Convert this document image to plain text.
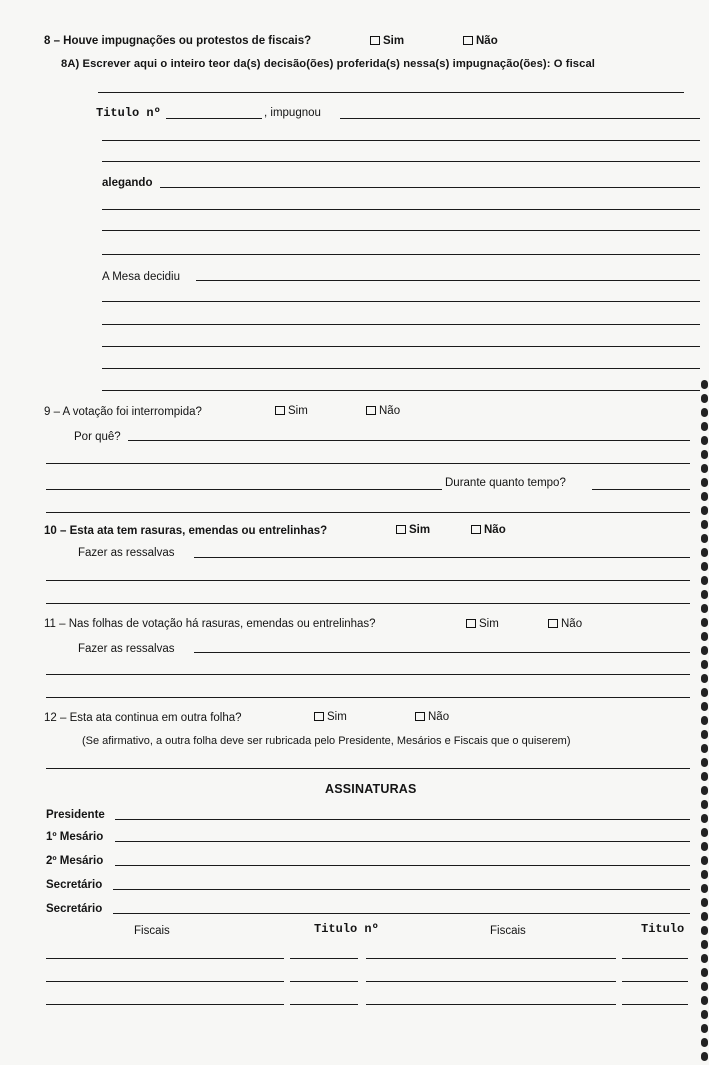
8 – Houve impugnações ou protestos de fiscais?	Sim	Não
8A) Escrever aqui o inteiro teor da(s) decisão(ões) proferida(s) nessa(s) impugnação(ões): O fiscal
Titulo nº	, impugnou
alegando
A Mesa decidiu
9 – A votação foi interrompida?	Sim	Não
Por quê?
Durante quanto tempo?
10 – Esta ata tem rasuras, emendas ou entrelinhas?	Sim	Não
Fazer as ressalvas
11 – Nas folhas de votação há rasuras, emendas ou entrelinhas?	Sim	Não
Fazer as ressalvas
12 – Esta ata continua em outra folha?	Sim	Não
(Se afirmativo, a outra folha deve ser rubricada pelo Presidente, Mesários e Fiscais que o quiserem)
ASSINATURAS
Presidente
1º Mesário
2º Mesário
Secretário
Secretário
Fiscais	Titulo nº	Fiscais	Titulo
